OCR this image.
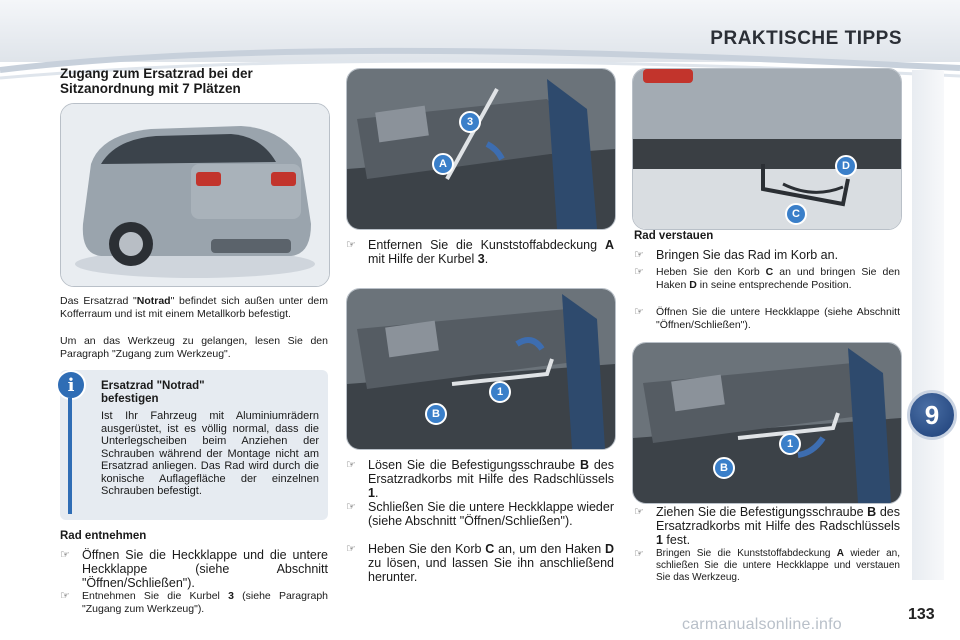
PRAKTISCHE TIPPS
9
133
carmanualsonline.info
Zugang zum Ersatzrad bei der Sitzanordnung mit 7 Plätzen
Das Ersatzrad "Notrad" befindet sich außen unter dem Kofferraum und ist mit einem Metallkorb befestigt.
Um an das Werkzeug zu gelangen, lesen Sie den Paragraph "Zugang zum Werkzeug".
i	Ersatzrad "Notrad" befestigen
Ist Ihr Fahrzeug mit Aluminiumrädern ausgerüstet, ist es völlig normal, dass die Unterlegscheiben beim Anziehen der Schrauben während der Montage nicht am Ersatzrad anliegen. Das Rad wird durch die konische Auflagefläche der einzelnen Schrauben befestigt.
Rad entnehmen
☞ Öffnen Sie die Heckklappe und die untere Heckklappe (siehe Abschnitt "Öffnen/Schließen").
☞ Entnehmen Sie die Kurbel 3 (siehe Paragraph "Zugang zum Werkzeug").
3
A
☞ Entfernen Sie die Kunststoffabdeckung A mit Hilfe der Kurbel 3.
1
B
☞ Lösen Sie die Befestigungsschraube B des Ersatzradkorbs mit Hilfe des Radschlüssels 1.
☞ Schließen Sie die untere Heckklappe wieder (siehe Abschnitt "Öffnen/Schließen").
☞ Heben Sie den Korb C an, um den Haken D zu lösen, und lassen Sie ihn anschließend herunter.
D
C
Rad verstauen
☞ Bringen Sie das Rad im Korb an.
☞ Heben Sie den Korb C an und bringen Sie den Haken D in seine entsprechende Position.
☞ Öffnen Sie die untere Heckklappe (siehe Abschnitt "Öffnen/Schließen").
1
B
☞ Ziehen Sie die Befestigungsschraube B des Ersatzradkorbs mit Hilfe des Radschlüssels 1 fest.
☞ Bringen Sie die Kunststoffabdeckung A wieder an, schließen Sie die untere Heckklappe und verstauen Sie das Werkzeug.
